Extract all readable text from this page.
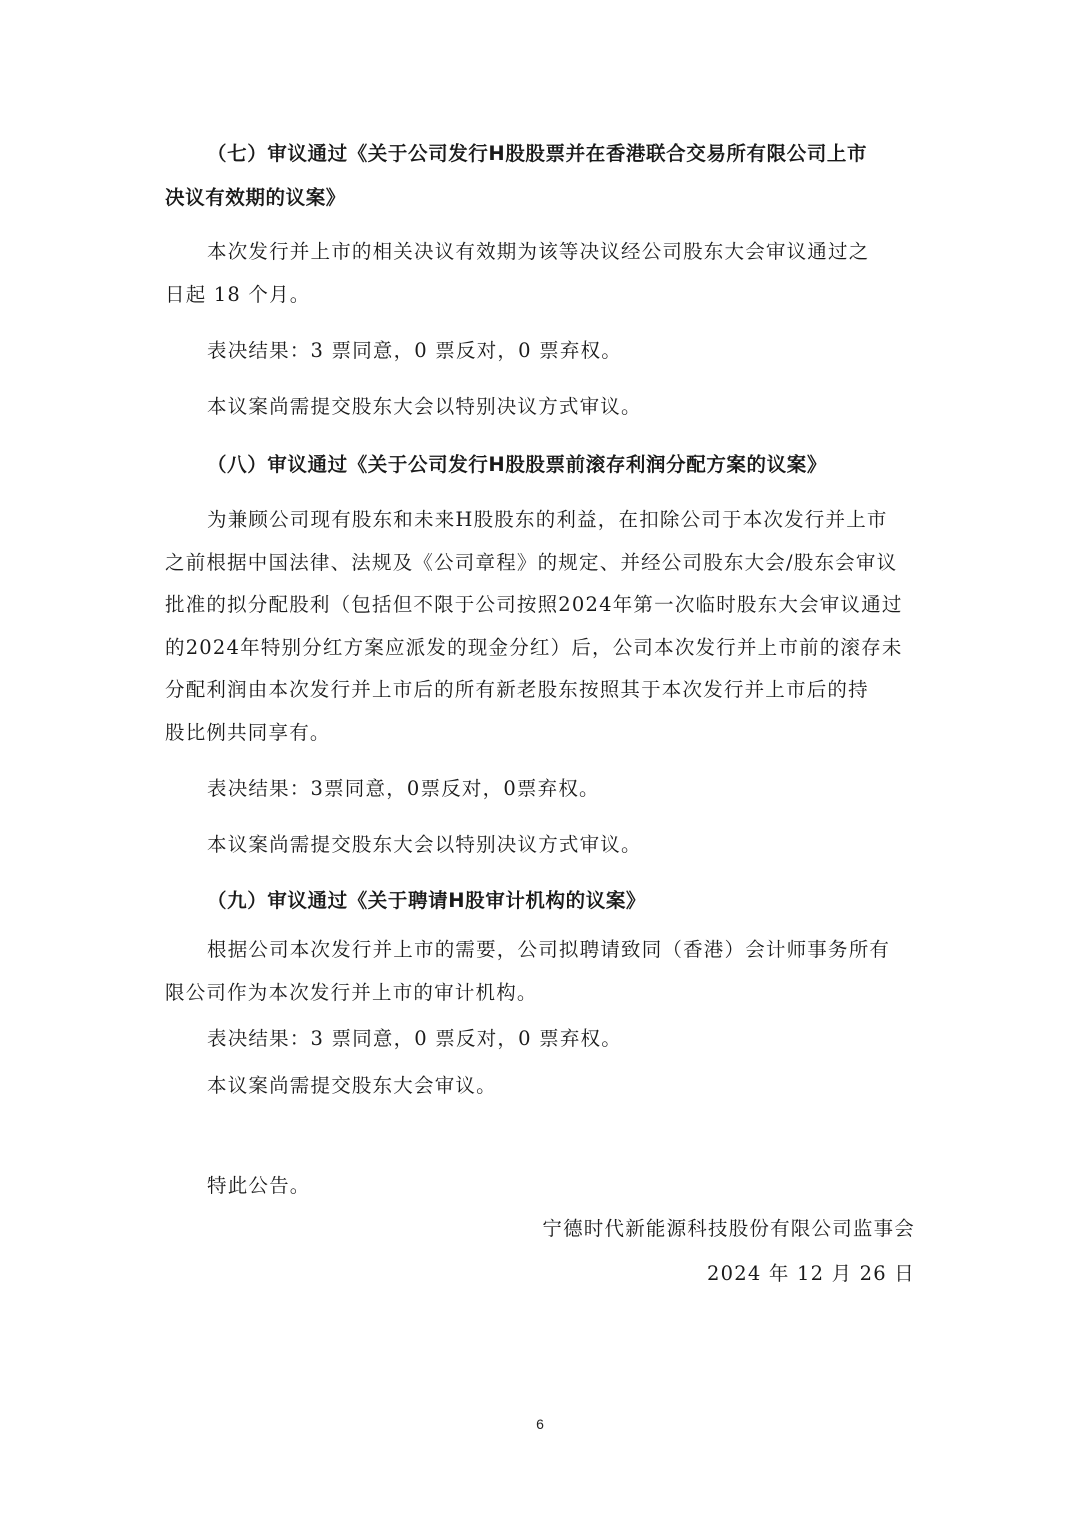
（七）审议通过《关于公司发行H股股票并在香港联合交易所有限公司上市
决议有效期的议案》
本次发行并上市的相关决议有效期为该等决议经公司股东大会审议通过之
日起 18 个月。
表决结果：3 票同意，0 票反对，0 票弃权。
本议案尚需提交股东大会以特别决议方式审议。
（八）审议通过《关于公司发行H股股票前滚存利润分配方案的议案》
为兼顾公司现有股东和未来H股股东的利益，在扣除公司于本次发行并上市
之前根据中国法律、法规及《公司章程》的规定、并经公司股东大会/股东会审议
批准的拟分配股利（包括但不限于公司按照2024年第一次临时股东大会审议通过
的2024年特别分红方案应派发的现金分红）后，公司本次发行并上市前的滚存未
分配利润由本次发行并上市后的所有新老股东按照其于本次发行并上市后的持
股比例共同享有。
表决结果：3票同意，0票反对，0票弃权。
本议案尚需提交股东大会以特别决议方式审议。
（九）审议通过《关于聘请H股审计机构的议案》
根据公司本次发行并上市的需要，公司拟聘请致同（香港）会计师事务所有
限公司作为本次发行并上市的审计机构。
表决结果：3 票同意，0 票反对，0 票弃权。
本议案尚需提交股东大会审议。
特此公告。
宁德时代新能源科技股份有限公司监事会
2024 年 12 月 26 日
6
